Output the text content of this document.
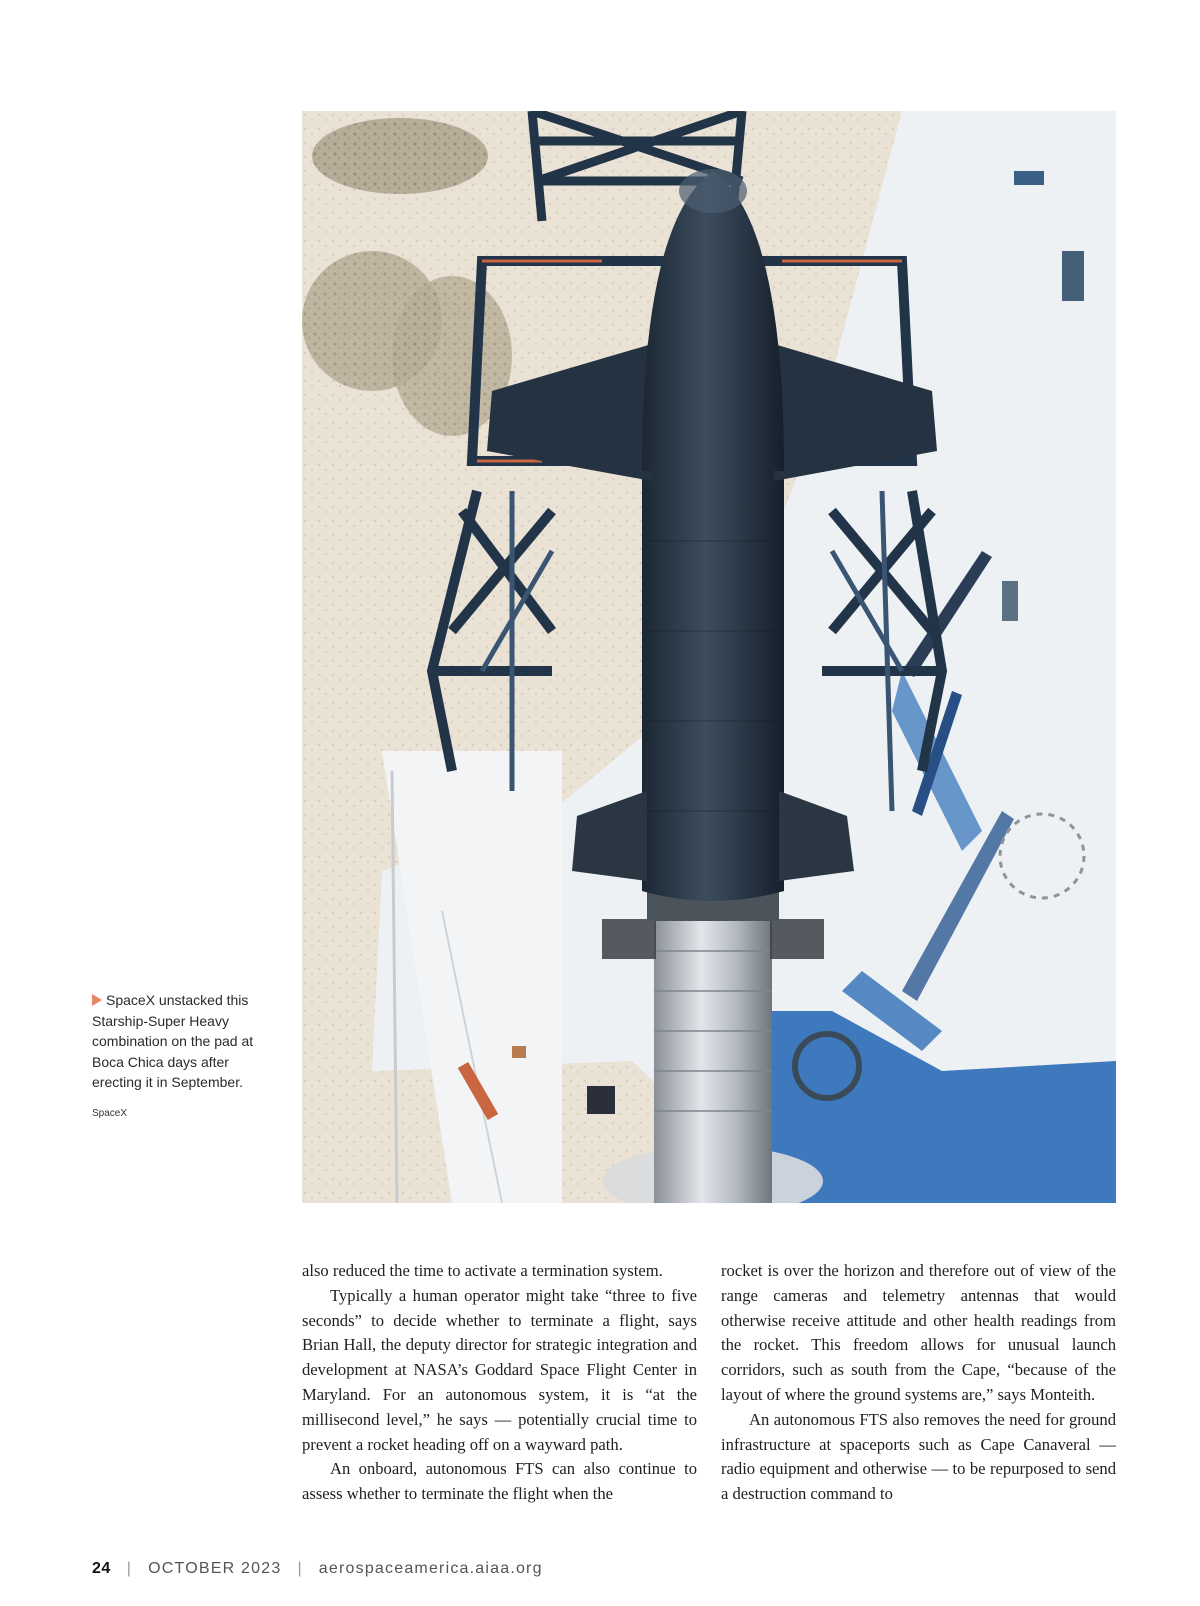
SpaceX unstacked this Starship-Super Heavy combination on the pad at Boca Chica days after erecting it in September.
SpaceX

also reduced the time to activate a termination system.

Typically a human operator might take “three to five seconds” to decide whether to terminate a flight, says Brian Hall, the deputy director for strategic integration and development at NASA’s Goddard Space Flight Center in Maryland. For an autonomous system, it is “at the millisecond level,” he says — potentially crucial time to prevent a rocket heading off on a wayward path.

An onboard, autonomous FTS can also continue to assess whether to terminate the flight when the

rocket is over the horizon and therefore out of view of the range cameras and telemetry antennas that would otherwise receive attitude and other health readings from the rocket. This freedom allows for unusual launch corridors, such as south from the Cape, “because of the layout of where the ground systems are,” says Monteith.

An autonomous FTS also removes the need for ground infrastructure at spaceports such as Cape Canaveral — radio equipment and otherwise — to be repurposed to send a destruction command to

24 | OCTOBER 2023 | aerospaceamerica.aiaa.org
